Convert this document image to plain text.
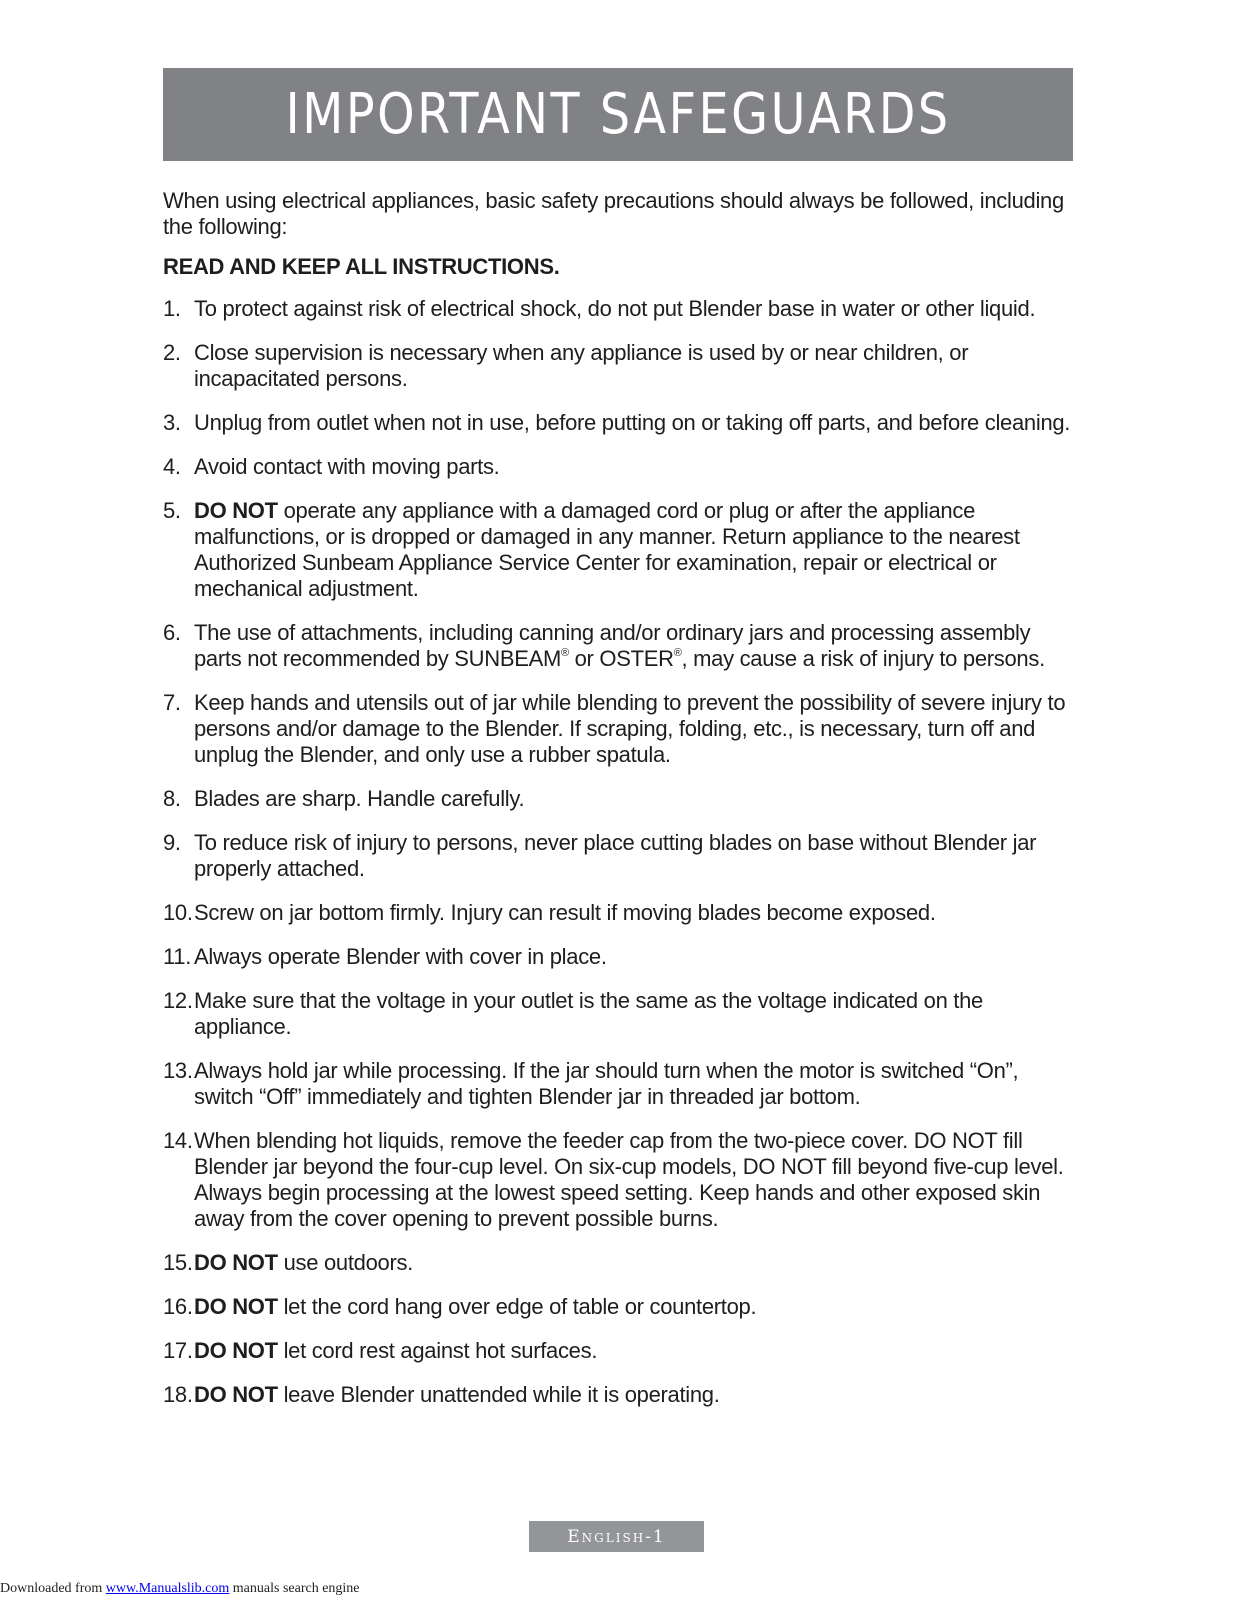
IMPORTANT SAFEGUARDS

When using electrical appliances, basic safety precautions should always be followed, including the following:

READ AND KEEP ALL INSTRUCTIONS.

1. To protect against risk of electrical shock, do not put Blender base in water or other liquid.
2. Close supervision is necessary when any appliance is used by or near children, or incapacitated persons.
3. Unplug from outlet when not in use, before putting on or taking off parts, and before cleaning.
4. Avoid contact with moving parts.
5. DO NOT operate any appliance with a damaged cord or plug or after the appliance malfunctions, or is dropped or damaged in any manner. Return appliance to the nearest Authorized Sunbeam Appliance Service Center for examination, repair or electrical or mechanical adjustment.
6. The use of attachments, including canning and/or ordinary jars and processing assembly parts not recommended by SUNBEAM® or OSTER®, may cause a risk of injury to persons.
7. Keep hands and utensils out of jar while blending to prevent the possibility of severe injury to persons and/or damage to the Blender. If scraping, folding, etc., is necessary, turn off and unplug the Blender, and only use a rubber spatula.
8. Blades are sharp. Handle carefully.
9. To reduce risk of injury to persons, never place cutting blades on base without Blender jar properly attached.
10. Screw on jar bottom firmly. Injury can result if moving blades become exposed.
11. Always operate Blender with cover in place.
12. Make sure that the voltage in your outlet is the same as the voltage indicated on the appliance.
13. Always hold jar while processing. If the jar should turn when the motor is switched “On”, switch “Off” immediately and tighten Blender jar in threaded jar bottom.
14. When blending hot liquids, remove the feeder cap from the two-piece cover. DO NOT fill Blender jar beyond the four-cup level. On six-cup models, DO NOT fill beyond five-cup level. Always begin processing at the lowest speed setting. Keep hands and other exposed skin away from the cover opening to prevent possible burns.
15. DO NOT use outdoors.
16. DO NOT let the cord hang over edge of table or countertop.
17. DO NOT let cord rest against hot surfaces.
18. DO NOT leave Blender unattended while it is operating.
English-1
Downloaded from www.Manualslib.com manuals search engine
